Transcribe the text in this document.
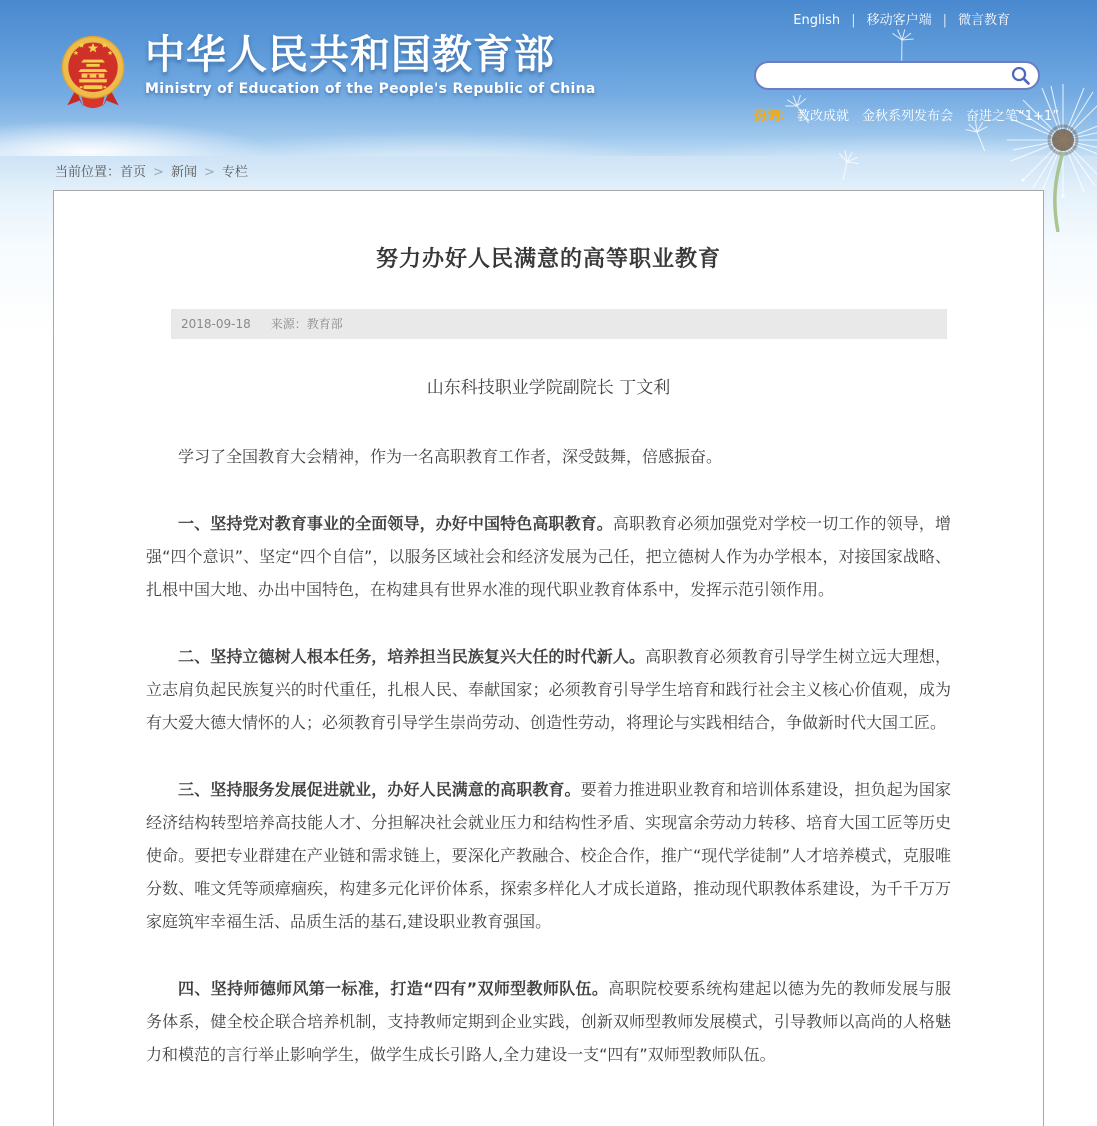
English | 移动客户端 | 微言教育
中华人民共和国教育部
Ministry of Education of the People's Republic of China
热词： 教改成就 金秋系列发布会 奋进之笔“1+1”
当前位置：首页 > 新闻 > 专栏
努力办好人民满意的高等职业教育
2018-09-18 来源：教育部
山东科技职业学院副院长 丁文利

学习了全国教育大会精神，作为一名高职教育工作者，深受鼓舞，倍感振奋。

一、坚持党对教育事业的全面领导，办好中国特色高职教育。高职教育必须加强党对学校一切工作的领导，增强“四个意识”、坚定“四个自信”，以服务区域社会和经济发展为己任，把立德树人作为办学根本，对接国家战略、扎根中国大地、办出中国特色，在构建具有世界水准的现代职业教育体系中，发挥示范引领作用。

二、坚持立德树人根本任务，培养担当民族复兴大任的时代新人。高职教育必须教育引导学生树立远大理想，立志肩负起民族复兴的时代重任，扎根人民、奉献国家；必须教育引导学生培育和践行社会主义核心价值观，成为有大爱大德大情怀的人；必须教育引导学生崇尚劳动、创造性劳动，将理论与实践相结合，争做新时代大国工匠。

三、坚持服务发展促进就业，办好人民满意的高职教育。要着力推进职业教育和培训体系建设，担负起为国家经济结构转型培养高技能人才、分担解决社会就业压力和结构性矛盾、实现富余劳动力转移、培育大国工匠等历史使命。要把专业群建在产业链和需求链上，要深化产教融合、校企合作，推广“现代学徒制”人才培养模式，克服唯分数、唯文凭等顽瘴痼疾，构建多元化评价体系，探索多样化人才成长道路，推动现代职教体系建设，为千千万万家庭筑牢幸福生活、品质生活的基石,建设职业教育强国。

四、坚持师德师风第一标准，打造“四有”双师型教师队伍。高职院校要系统构建起以德为先的教师发展与服务体系，健全校企联合培养机制，支持教师定期到企业实践，创新双师型教师发展模式，引导教师以高尚的人格魅力和模范的言行举止影响学生，做学生成长引路人,全力建设一支“四有”双师型教师队伍。
